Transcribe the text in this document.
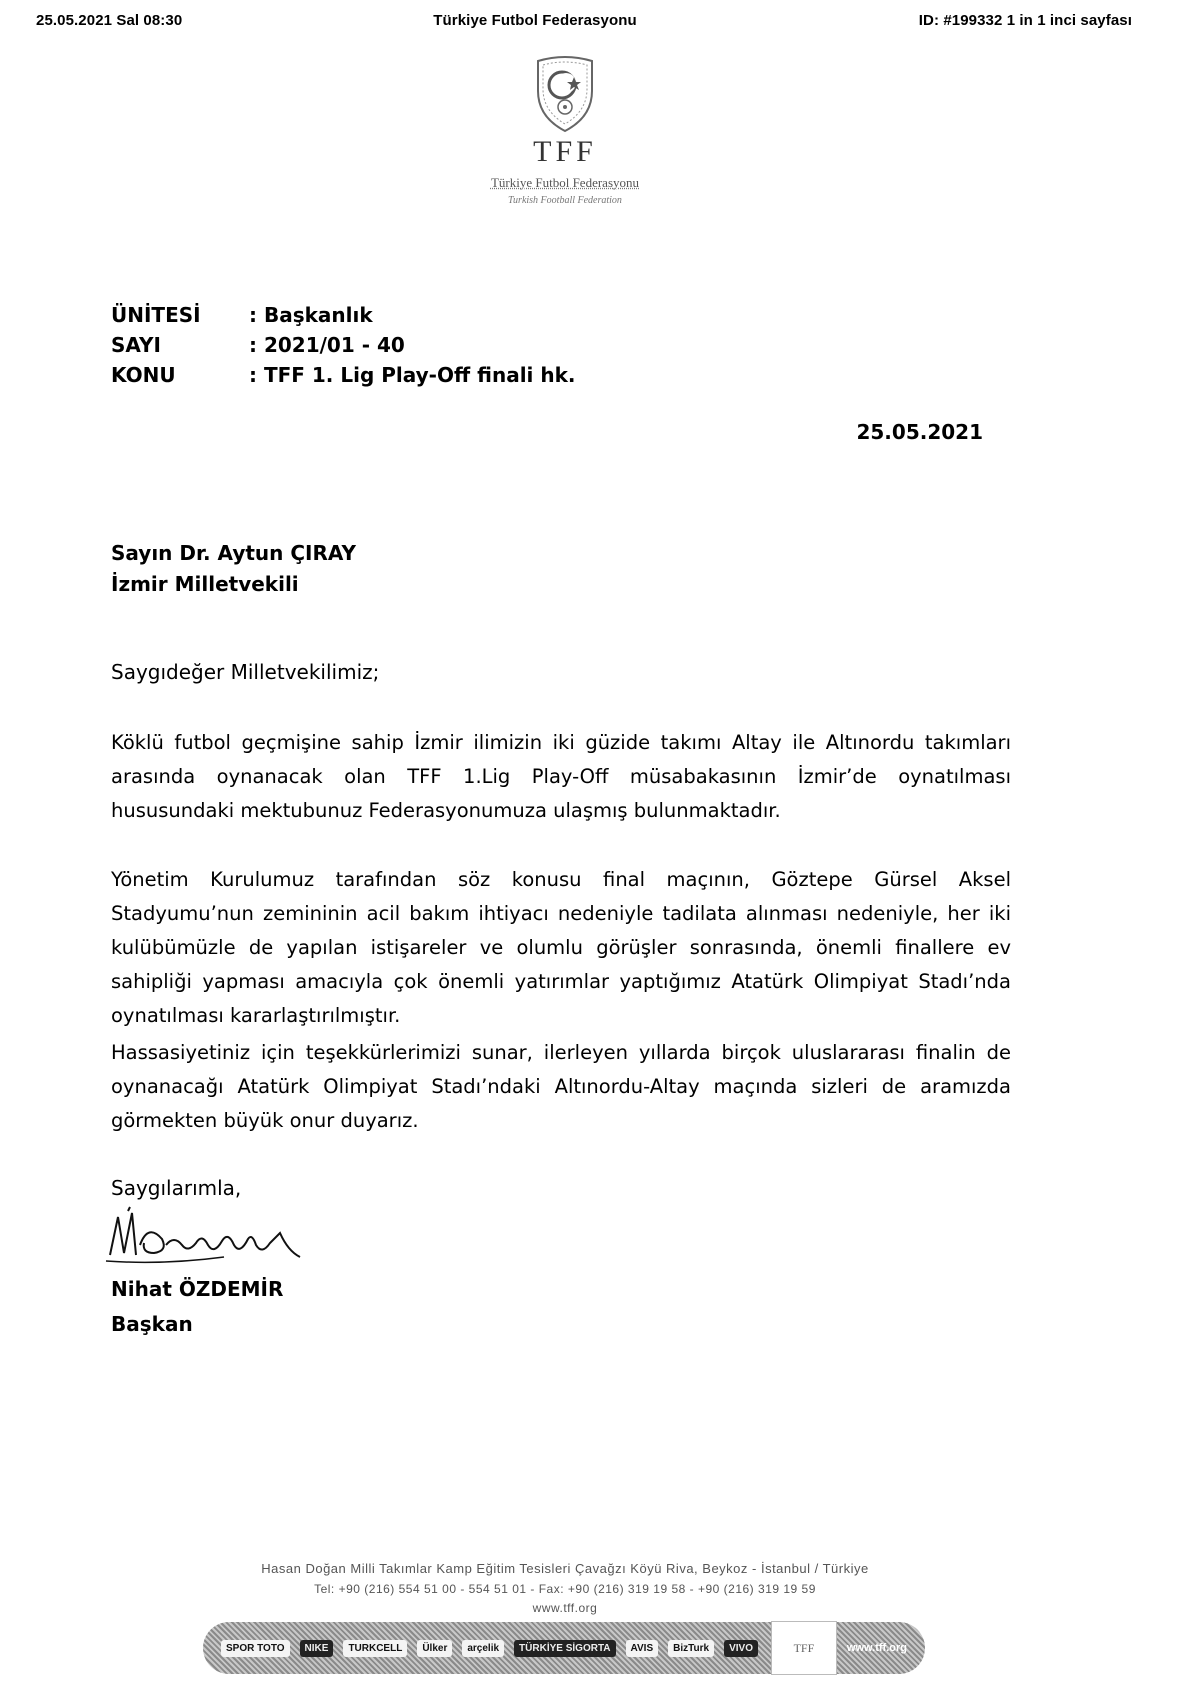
25.05.2021 Sal 08:30	Türkiye Futbol Federasyonu	ID: #199332 1 in 1 inci sayfası
TFF
Türkiye Futbol Federasyonu
Turkish Football Federation
ÜNİTESİ	: Başkanlık
SAYI	: 2021/01 - 40
KONU	: TFF 1. Lig Play-Off finali hk.
25.05.2021
Sayın Dr. Aytun ÇIRAY
İzmir Milletvekili
Saygıdeğer Milletvekilimiz;
Köklü futbol geçmişine sahip İzmir ilimizin iki güzide takımı Altay ile Altınordu takımları arasında oynanacak olan TFF 1.Lig Play-Off müsabakasının İzmir’de oynatılması hususundaki mektubunuz Federasyonumuza ulaşmış bulunmaktadır.
Yönetim Kurulumuz tarafından söz konusu final maçının, Göztepe Gürsel Aksel Stadyumu’nun zemininin acil bakım ihtiyacı nedeniyle tadilata alınması nedeniyle, her iki kulübümüzle de yapılan istişareler ve olumlu görüşler sonrasında, önemli finallere ev sahipliği yapması amacıyla çok önemli yatırımlar yaptığımız Atatürk Olimpiyat Stadı’nda oynatılması kararlaştırılmıştır.
Hassasiyetiniz için teşekkürlerimizi sunar, ilerleyen yıllarda birçok uluslararası finalin de oynanacağı Atatürk Olimpiyat Stadı’ndaki Altınordu-Altay maçında sizleri de aramızda görmekten büyük onur duyarız.
Saygılarımla,
Nihat ÖZDEMİR
Başkan
Hasan Doğan Milli Takımlar Kamp Eğitim Tesisleri Çavağzı Köyü Riva, Beykoz - İstanbul / Türkiye
Tel: +90 (216) 554 51 00 - 554 51 01 - Fax: +90 (216) 319 19 58 - +90 (216) 319 19 59
www.tff.org
SPOR TOTO	NIKE	TURKCELL	Ülker	arçelik	TÜRKİYE SİGORTA	AVIS	BizTurk	VIVO	TFF	www.tff.org
